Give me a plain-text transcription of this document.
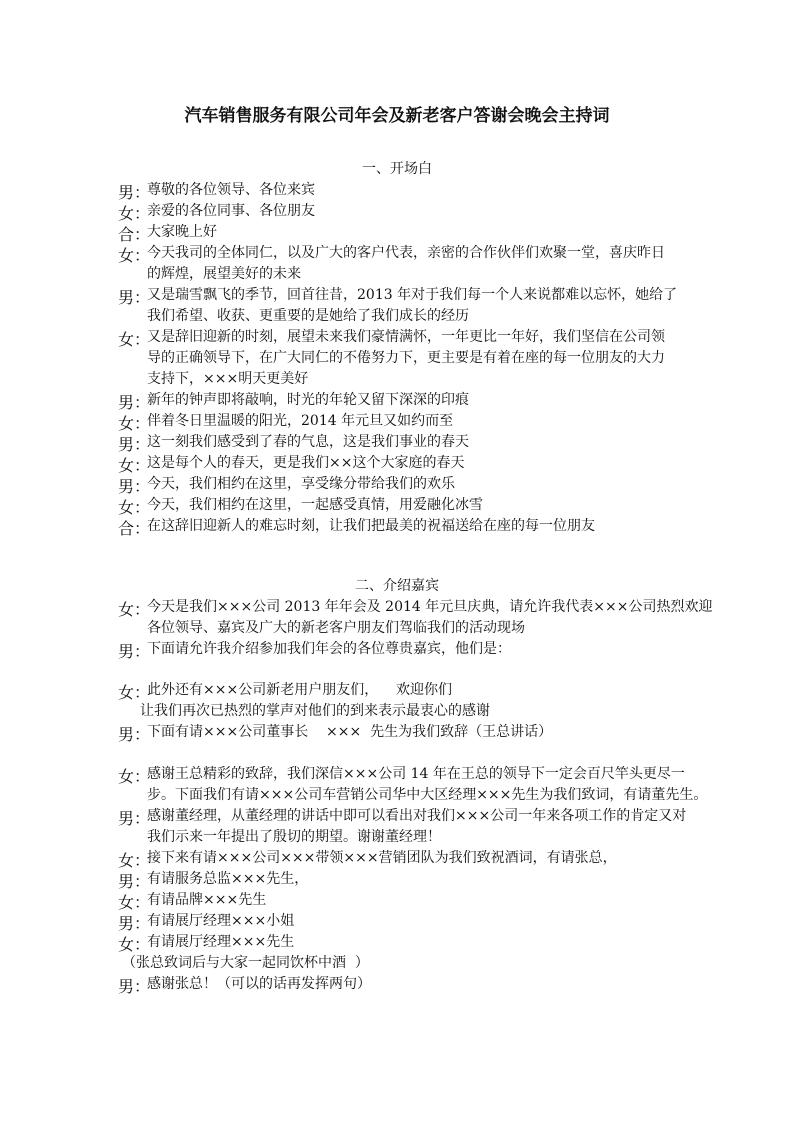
汽车销售服务有限公司年会及新老客户答谢会晚会主持词
一、开场白
男：
尊敬的各位领导、各位来宾
女：
亲爱的各位同事、各位朋友
合：
大家晚上好
女：
今天我司的全体同仁，以及广大的客户代表，亲密的合作伙伴们欢聚一堂，喜庆昨日
的辉煌，展望美好的未来
男：
又是瑞雪飘飞的季节，回首往昔，2013 年对于我们每一个人来说都难以忘怀，她给了
我们希望、收获、更重要的是她给了我们成长的经历
女：
又是辞旧迎新的时刻，展望未来我们豪情满怀，一年更比一年好，我们坚信在公司领
导的正确领导下，在广大同仁的不倦努力下，更主要是有着在座的每一位朋友的大力
支持下，×××明天更美好
男：
新年的钟声即将敲响，时光的年轮又留下深深的印痕
女：
伴着冬日里温暖的阳光，2014 年元旦又如约而至
男：
这一刻我们感受到了春的气息，这是我们事业的春天
女：
这是每个人的春天，更是我们××这个大家庭的春天
男：
今天，我们相约在这里，享受缘分带给我们的欢乐
女：
今天，我们相约在这里，一起感受真情，用爱融化冰雪
合：
在这辞旧迎新人的难忘时刻，让我们把最美的祝福送给在座的每一位朋友
二、介绍嘉宾
女：
今天是我们×××公司 2013 年年会及 2014 年元旦庆典，请允许我代表×××公司热烈欢迎
各位领导、嘉宾及广大的新老客户朋友们驾临我们的活动现场
男：
下面请允许我介绍参加我们年会的各位尊贵嘉宾，他们是：
女：
此外还有×××公司新老用户朋友们，    欢迎你们
让我们再次已热烈的掌声对他们的到来表示最衷心的感谢
男：
下面有请×××公司董事长    ×××  先生为我们致辞（王总讲话）
女：
感谢王总精彩的致辞，我们深信×××公司 14 年在王总的领导下一定会百尺竿头更尽一
步。下面我们有请×××公司车营销公司华中大区经理×××先生为我们致词，有请董先生。
男：
感谢董经理，从董经理的讲话中即可以看出对我们×××公司一年来各项工作的肯定又对
我们示来一年提出了殷切的期望。谢谢董经理！
女：
接下来有请×××公司×××带领×××营销团队为我们致祝酒词，有请张总，
男：
有请服务总监×××先生，
女：
有请品牌×××先生
男：
有请展厅经理×××小姐
女：
有请展厅经理×××先生
（张总致词后与大家一起同饮杯中酒  ）
男：
感谢张总！（可以的话再发挥两句）
